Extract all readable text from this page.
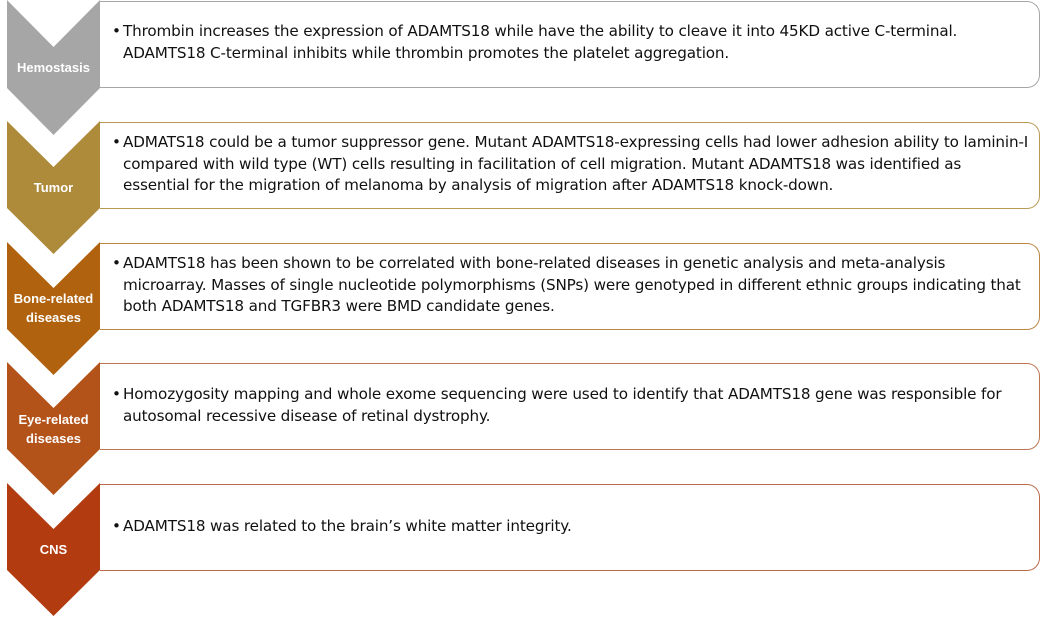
Hemostasis
• Thrombin increases the expression of ADAMTS18 while have the ability to cleave it into 45KD active C-terminal. ADAMTS18 C-terminal inhibits while thrombin promotes the platelet aggregation.
Tumor
• ADMATS18 could be a tumor suppressor gene. Mutant ADAMTS18-expressing cells had lower adhesion ability to laminin-I compared with wild type (WT) cells resulting in facilitation of cell migration. Mutant ADAMTS18 was identified as essential for the migration of melanoma by analysis of migration after ADAMTS18 knock-down.
Bone-related
diseases
• ADAMTS18 has been shown to be correlated with bone-related diseases in genetic analysis and meta-analysis microarray. Masses of single nucleotide polymorphisms (SNPs) were genotyped in different ethnic groups indicating that both ADAMTS18 and TGFBR3 were BMD candidate genes.
Eye-related
diseases
• Homozygosity mapping and whole exome sequencing were used to identify that ADAMTS18 gene was responsible for autosomal recessive disease of retinal dystrophy.
CNS
• ADAMTS18 was related to the brain’s white matter integrity.
